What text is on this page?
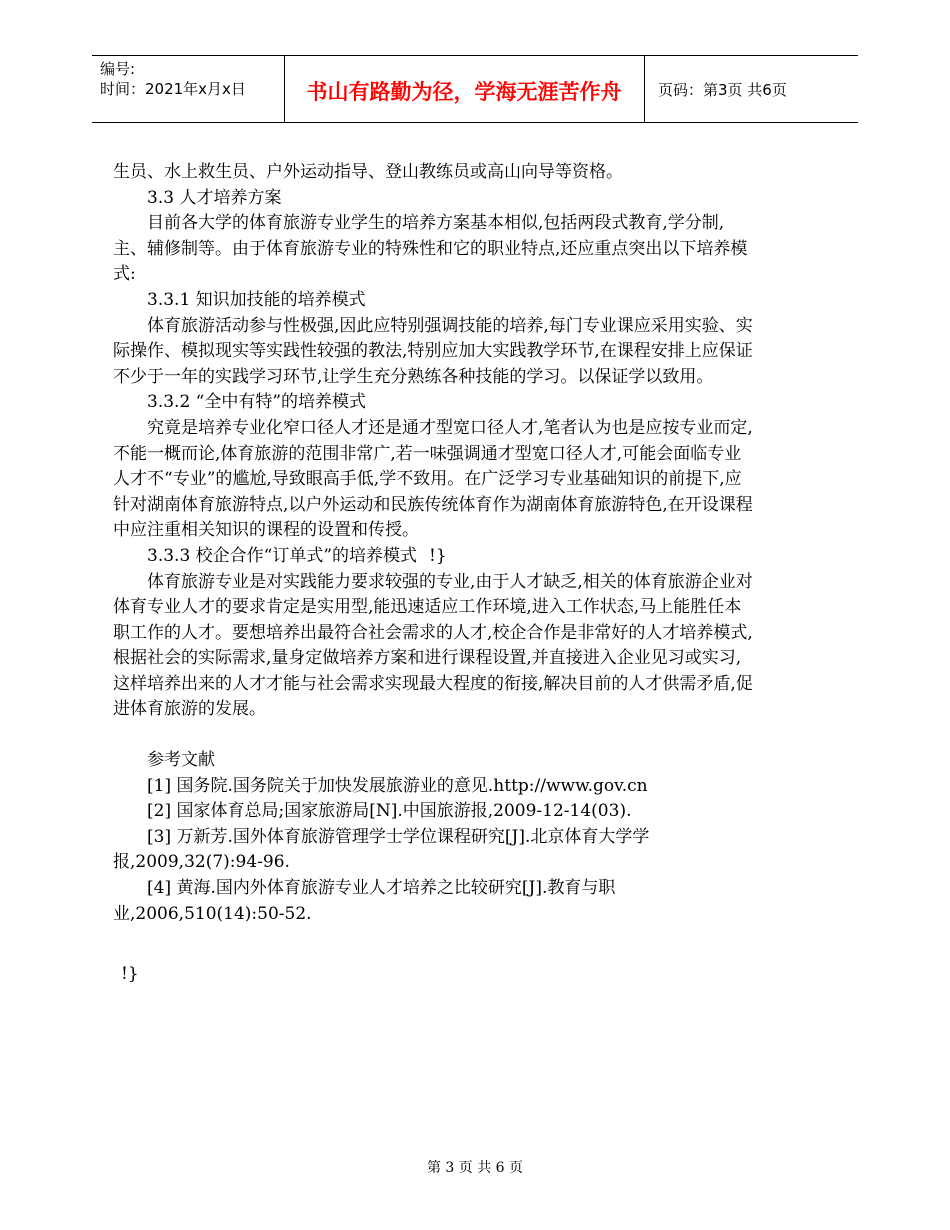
编号:
时间：2021年x月x日	书山有路勤为径，学海无涯苦作舟	页码：第3页 共6页

生员、水上救生员、户外运动指导、登山教练员或高山向导等资格。

3.3 人才培养方案

目前各大学的体育旅游专业学生的培养方案基本相似,包括两段式教育,学分制,主、辅修制等。由于体育旅游专业的特殊性和它的职业特点,还应重点突出以下培养模式:

3.3.1 知识加技能的培养模式

体育旅游活动参与性极强,因此应特别强调技能的培养,每门专业课应采用实验、实际操作、模拟现实等实践性较强的教法,特别应加大实践教学环节,在课程安排上应保证不少于一年的实践学习环节,让学生充分熟练各种技能的学习。以保证学以致用。

3.3.2 “全中有特”的培养模式

究竟是培养专业化窄口径人才还是通才型宽口径人才,笔者认为也是应按专业而定,不能一概而论,体育旅游的范围非常广,若一味强调通才型宽口径人才,可能会面临专业人才不“专业”的尴尬,导致眼高手低,学不致用。在广泛学习专业基础知识的前提下,应针对湖南体育旅游特点,以户外运动和民族传统体育作为湖南体育旅游特色,在开设课程中应注重相关知识的课程的设置和传授。

3.3.3 校企合作“订单式”的培养模式 !}

体育旅游专业是对实践能力要求较强的专业,由于人才缺乏,相关的体育旅游企业对体育专业人才的要求肯定是实用型,能迅速适应工作环境,进入工作状态,马上能胜任本职工作的人才。要想培养出最符合社会需求的人才,校企合作是非常好的人才培养模式,根据社会的实际需求,量身定做培养方案和进行课程设置,并直接进入企业见习或实习,这样培养出来的人才才能与社会需求实现最大程度的衔接,解决目前的人才供需矛盾,促进体育旅游的发展。

参考文献

[1] 国务院.国务院关于加快发展旅游业的意见.http://www.gov.cn

[2] 国家体育总局;国家旅游局[N].中国旅游报,2009-12-14(03).

[3] 万新芳.国外体育旅游管理学士学位课程研究[J].北京体育大学学报,2009,32(7):94-96.

[4] 黄海.国内外体育旅游专业人才培养之比较研究[J].教育与职业,2006,510(14):50-52.

!}

第 3 页 共 6 页
